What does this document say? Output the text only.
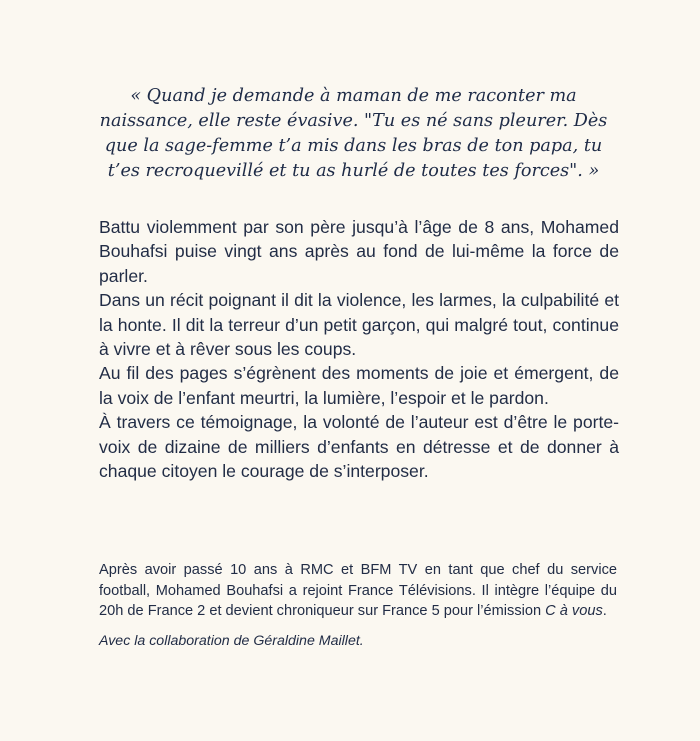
« Quand je demande à maman de me raconter ma naissance, elle reste évasive. "Tu es né sans pleurer. Dès que la sage-femme t’a mis dans les bras de ton papa, tu t’es recroquevillé et tu as hurlé de toutes tes forces". »

Battu violemment par son père jusqu’à l’âge de 8 ans, Mohamed Bouhafsi puise vingt ans après au fond de lui-même la force de parler.

Dans un récit poignant il dit la violence, les larmes, la culpabilité et la honte. Il dit la terreur d’un petit garçon, qui malgré tout, continue à vivre et à rêver sous les coups.

Au fil des pages s’égrènent des moments de joie et émergent, de la voix de l’enfant meurtri, la lumière, l’espoir et le pardon.

À travers ce témoignage, la volonté de l’auteur est d’être le porte-voix de dizaine de milliers d’enfants en détresse et de donner à chaque citoyen le courage de s’interposer.

Après avoir passé 10 ans à RMC et BFM TV en tant que chef du service football, Mohamed Bouhafsi a rejoint France Télévisions. Il intègre l’équipe du 20h de France 2 et devient chroniqueur sur France 5 pour l’émission C à vous.

Avec la collaboration de Géraldine Maillet.
